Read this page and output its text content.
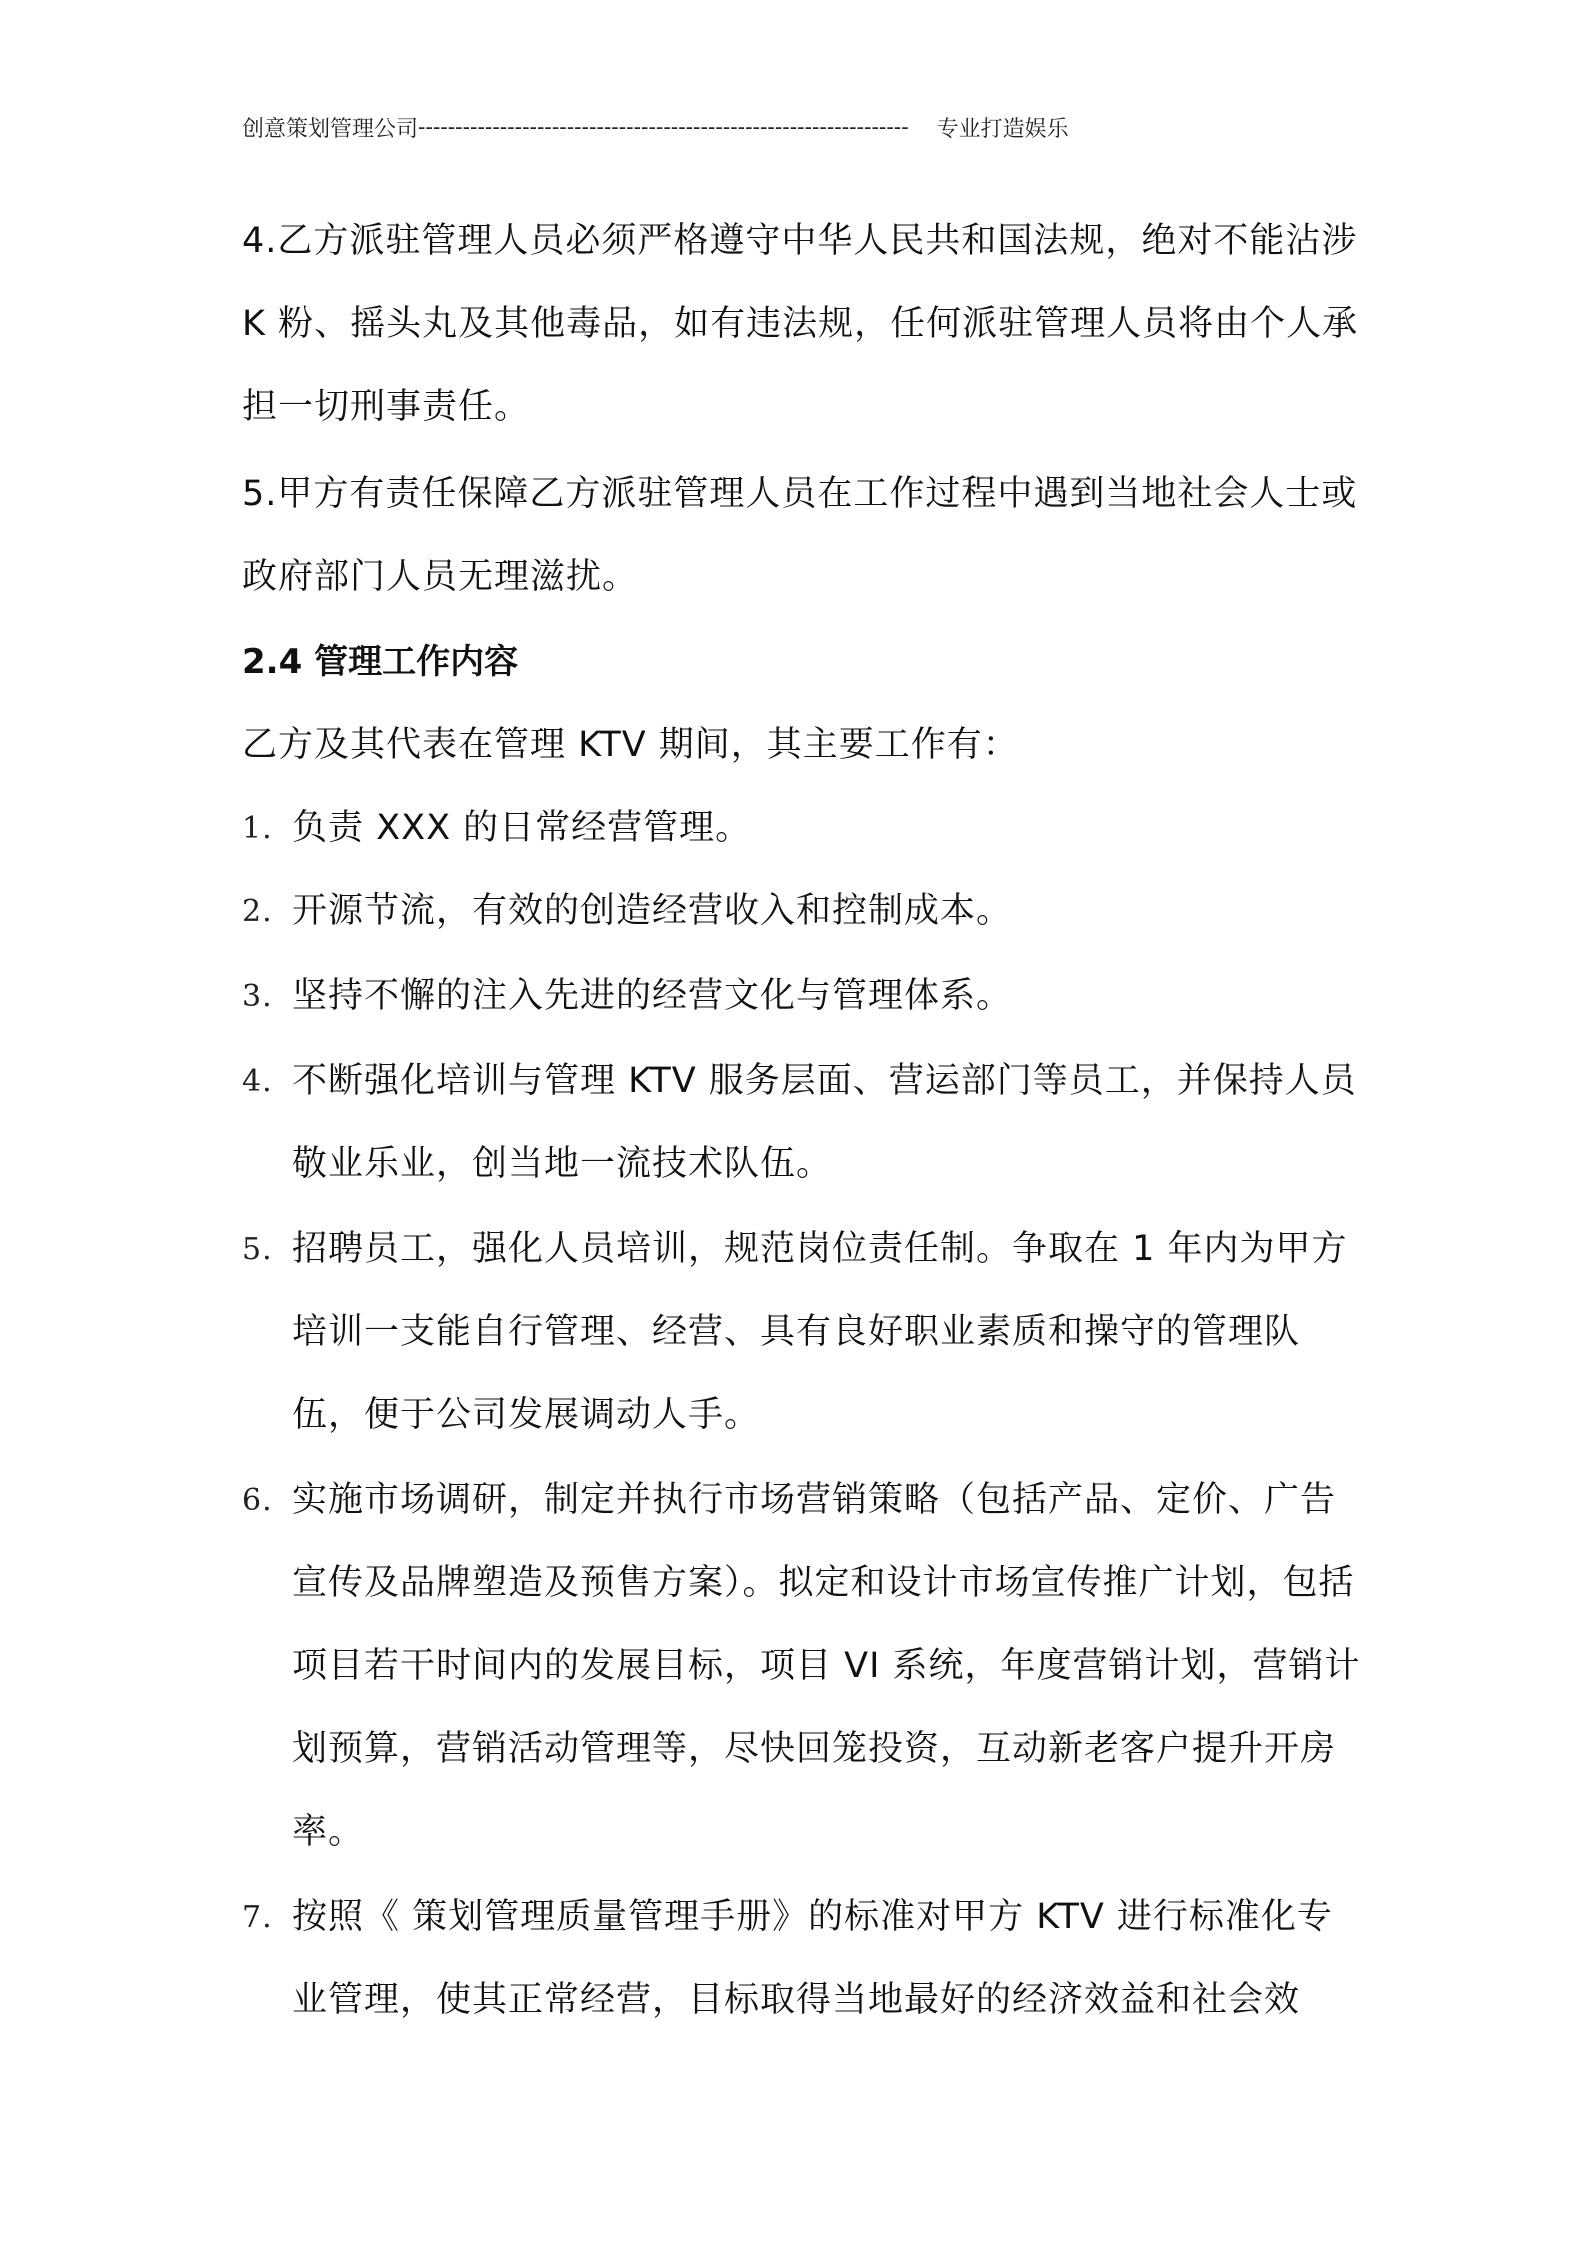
创意策划管理公司------------------------------------------------------------------ 专业打造娱乐

4.乙方派驻管理人员必须严格遵守中华人民共和国法规，绝对不能沾涉 K 粉、摇头丸及其他毒品，如有违法规，任何派驻管理人员将由个人承担一切刑事责任。

5.甲方有责任保障乙方派驻管理人员在工作过程中遇到当地社会人士或政府部门人员无理滋扰。

2.4 管理工作内容

乙方及其代表在管理 KTV 期间，其主要工作有：

1. 负责 XXX 的日常经营管理。
2. 开源节流，有效的创造经营收入和控制成本。
3. 坚持不懈的注入先进的经营文化与管理体系。
4. 不断强化培训与管理 KTV 服务层面、营运部门等员工，并保持人员敬业乐业，创当地一流技术队伍。
5. 招聘员工，强化人员培训，规范岗位责任制。争取在 1 年内为甲方培训一支能自行管理、经营、具有良好职业素质和操守的管理队伍，便于公司发展调动人手。
6. 实施市场调研，制定并执行市场营销策略（包括产品、定价、广告宣传及品牌塑造及预售方案）。拟定和设计市场宣传推广计划，包括项目若干时间内的发展目标，项目 VI 系统，年度营销计划，营销计划预算，营销活动管理等，尽快回笼投资，互动新老客户提升开房率。
7. 按照《 策划管理质量管理手册》的标准对甲方 KTV 进行标准化专业管理，使其正常经营，目标取得当地最好的经济效益和社会效
